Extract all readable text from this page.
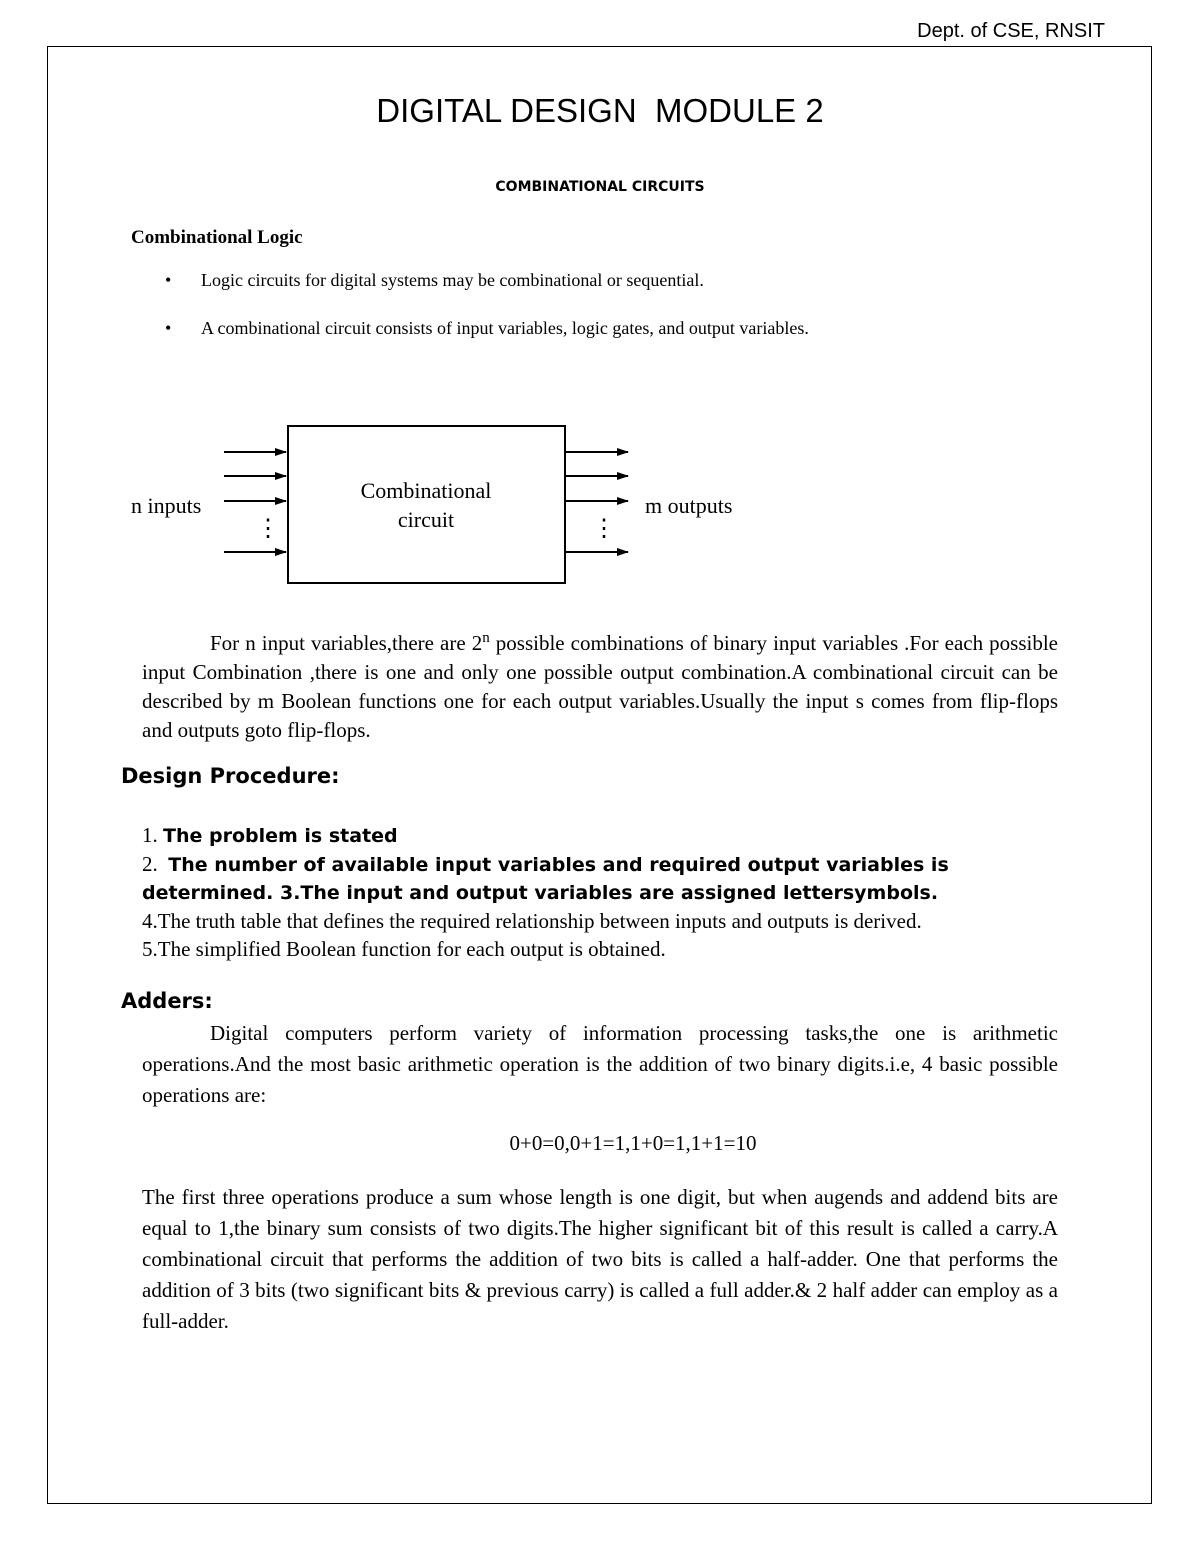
Dept. of CSE, RNSIT
DIGITAL DESIGN  MODULE 2
COMBINATIONAL CIRCUITS
Combinational Logic
• Logic circuits for digital systems may be combinational or sequential.
• A combinational circuit consists of input variables, logic gates, and output variables.
⋮	⋮
n inputs	m outputs
Combinational
circuit
For n input variables,there are 2$^n$ possible combinations of binary input variables .For each possible input Combination ,there is one and only one possible output combination.A combinational circuit can be described by m Boolean functions one for each output variables.Usually the input s comes from flip-flops and outputs goto flip-flops.
Design Procedure:
1. The problem is stated
2.  The number of available input variables and required output variables is
determined. 3.The input and output variables are assigned lettersymbols.
4.The truth table that defines the required relationship between inputs and outputs is derived.
5.The simplified Boolean function for each output is obtained.
Adders:
Digital computers perform variety of information processing tasks,the one is arithmetic operations.And the most basic arithmetic operation is the addition of two binary digits.i.e, 4 basic possible operations are:
0+0=0,0+1=1,1+0=1,1+1=10
The first three operations produce a sum whose length is one digit, but when augends and addend bits are equal to 1,the binary sum consists of two digits.The higher significant bit of this result is called a carry.A combinational circuit that performs the addition of two bits is called a half-adder. One that performs the addition of 3 bits (two significant bits & previous carry) is called a full adder.& 2 half adder can employ as a full-adder.
